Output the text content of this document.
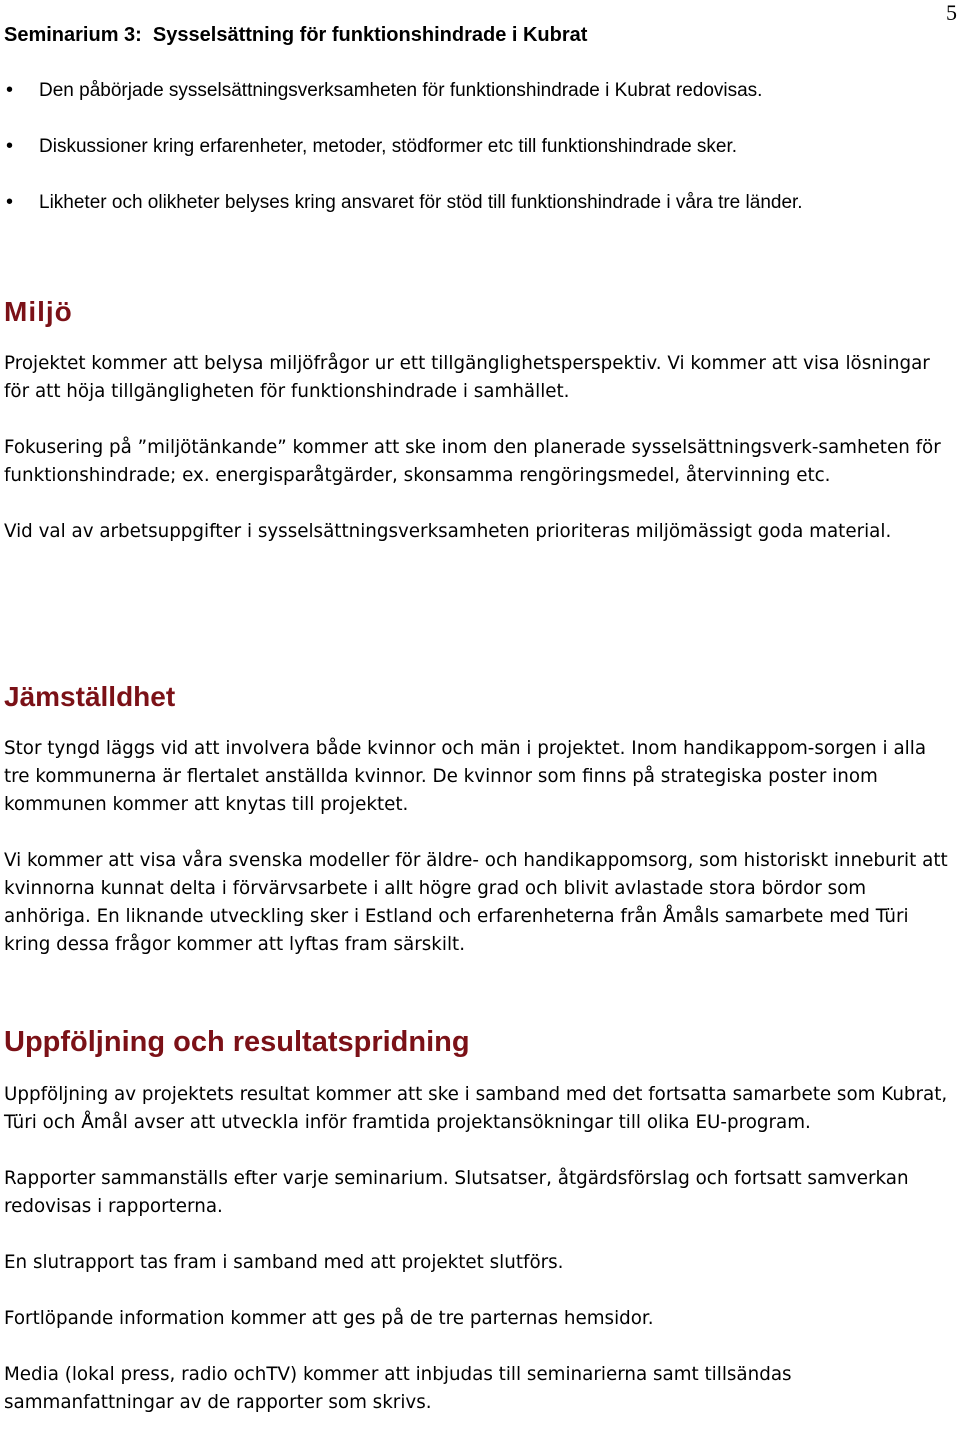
5
Seminarium 3:  Sysselsättning för funktionshindrade i Kubrat
• Den påbörjade sysselsättningsverksamheten för funktionshindrade i Kubrat redovisas.
• Diskussioner kring erfarenheter, metoder, stödformer etc till funktionshindrade sker.
• Likheter och olikheter belyses kring ansvaret för stöd till funktionshindrade i våra tre länder.
Miljö

Projektet kommer att belysa miljöfrågor ur ett tillgänglighetsperspektiv. Vi kommer att visa lösningar för att höja tillgängligheten för funktionshindrade i samhället.

Fokusering på ”miljötänkande” kommer att ske inom den planerade sysselsättningsverk-samheten för funktionshindrade; ex. energisparåtgärder, skonsamma rengöringsmedel, återvinning etc.

Vid val av arbetsuppgifter i sysselsättningsverksamheten prioriteras miljömässigt goda material.

Jämställdhet

Stor tyngd läggs vid att involvera både kvinnor och män i projektet. Inom handikappom-sorgen i alla tre kommunerna är flertalet anställda kvinnor. De kvinnor som finns på strategiska poster inom kommunen kommer att knytas till projektet.

Vi kommer att visa våra svenska modeller för äldre- och handikappomsorg, som historiskt inneburit att kvinnorna kunnat delta i förvärvsarbete i allt högre grad och blivit avlastade stora bördor som anhöriga. En liknande utveckling sker i Estland och erfarenheterna från Åmåls samarbete med Türi kring dessa frågor kommer att lyftas fram särskilt.

Uppföljning och resultatspridning

Uppföljning av projektets resultat kommer att ske i samband med det fortsatta samarbete som Kubrat, Türi och Åmål avser att utveckla inför framtida projektansökningar till olika EU-program.

Rapporter sammanställs efter varje seminarium. Slutsatser, åtgärdsförslag och fortsatt samverkan redovisas i rapporterna.

En slutrapport tas fram i samband med att projektet slutförs.

Fortlöpande information kommer att ges på de tre parternas hemsidor.

Media (lokal press, radio ochTV) kommer att inbjudas till seminarierna samt tillsändas sammanfattningar av de rapporter som skrivs.
